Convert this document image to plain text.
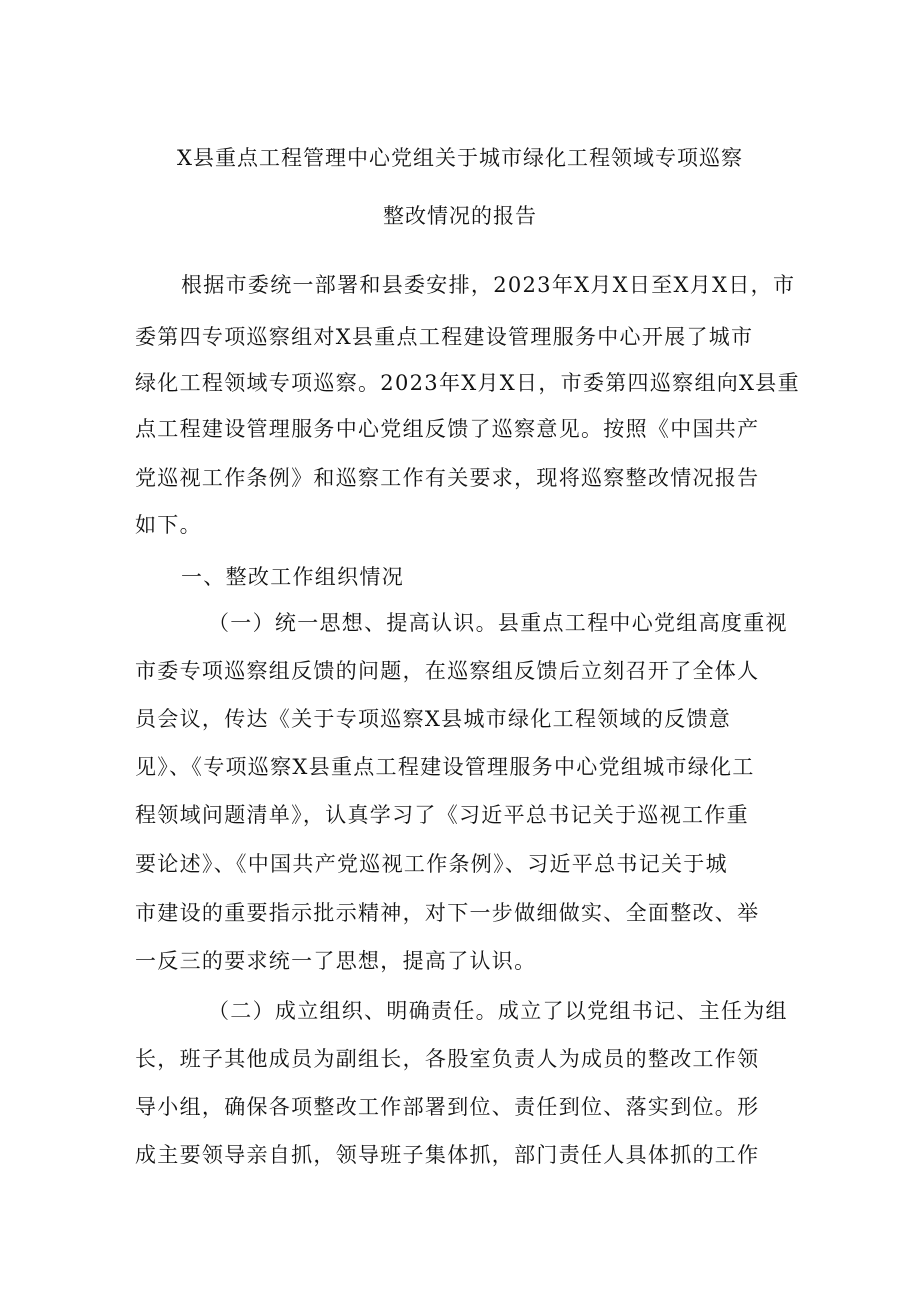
X县重点工程管理中心党组关于城市绿化工程领域专项巡察
整改情况的报告
根据市委统一部署和县委安排，2023年X月X日至X月X日，市
委第四专项巡察组对X县重点工程建设管理服务中心开展了城市
绿化工程领域专项巡察。2023年X月X日，市委第四巡察组向X县重
点工程建设管理服务中心党组反馈了巡察意见。按照《中国共产
党巡视工作条例》和巡察工作有关要求，现将巡察整改情况报告
如下。
一、整改工作组织情况
（一）统一思想、提高认识。县重点工程中心党组高度重视
市委专项巡察组反馈的问题，在巡察组反馈后立刻召开了全体人
员会议，传达《关于专项巡察X县城市绿化工程领域的反馈意
见》、《专项巡察X县重点工程建设管理服务中心党组城市绿化工
程领域问题清单》，认真学习了《习近平总书记关于巡视工作重
要论述》、《中国共产党巡视工作条例》、习近平总书记关于城
市建设的重要指示批示精神，对下一步做细做实、全面整改、举
一反三的要求统一了思想，提高了认识。
（二）成立组织、明确责任。成立了以党组书记、主任为组
长，班子其他成员为副组长，各股室负责人为成员的整改工作领
导小组，确保各项整改工作部署到位、责任到位、落实到位。形
成主要领导亲自抓，领导班子集体抓，部门责任人具体抓的工作
